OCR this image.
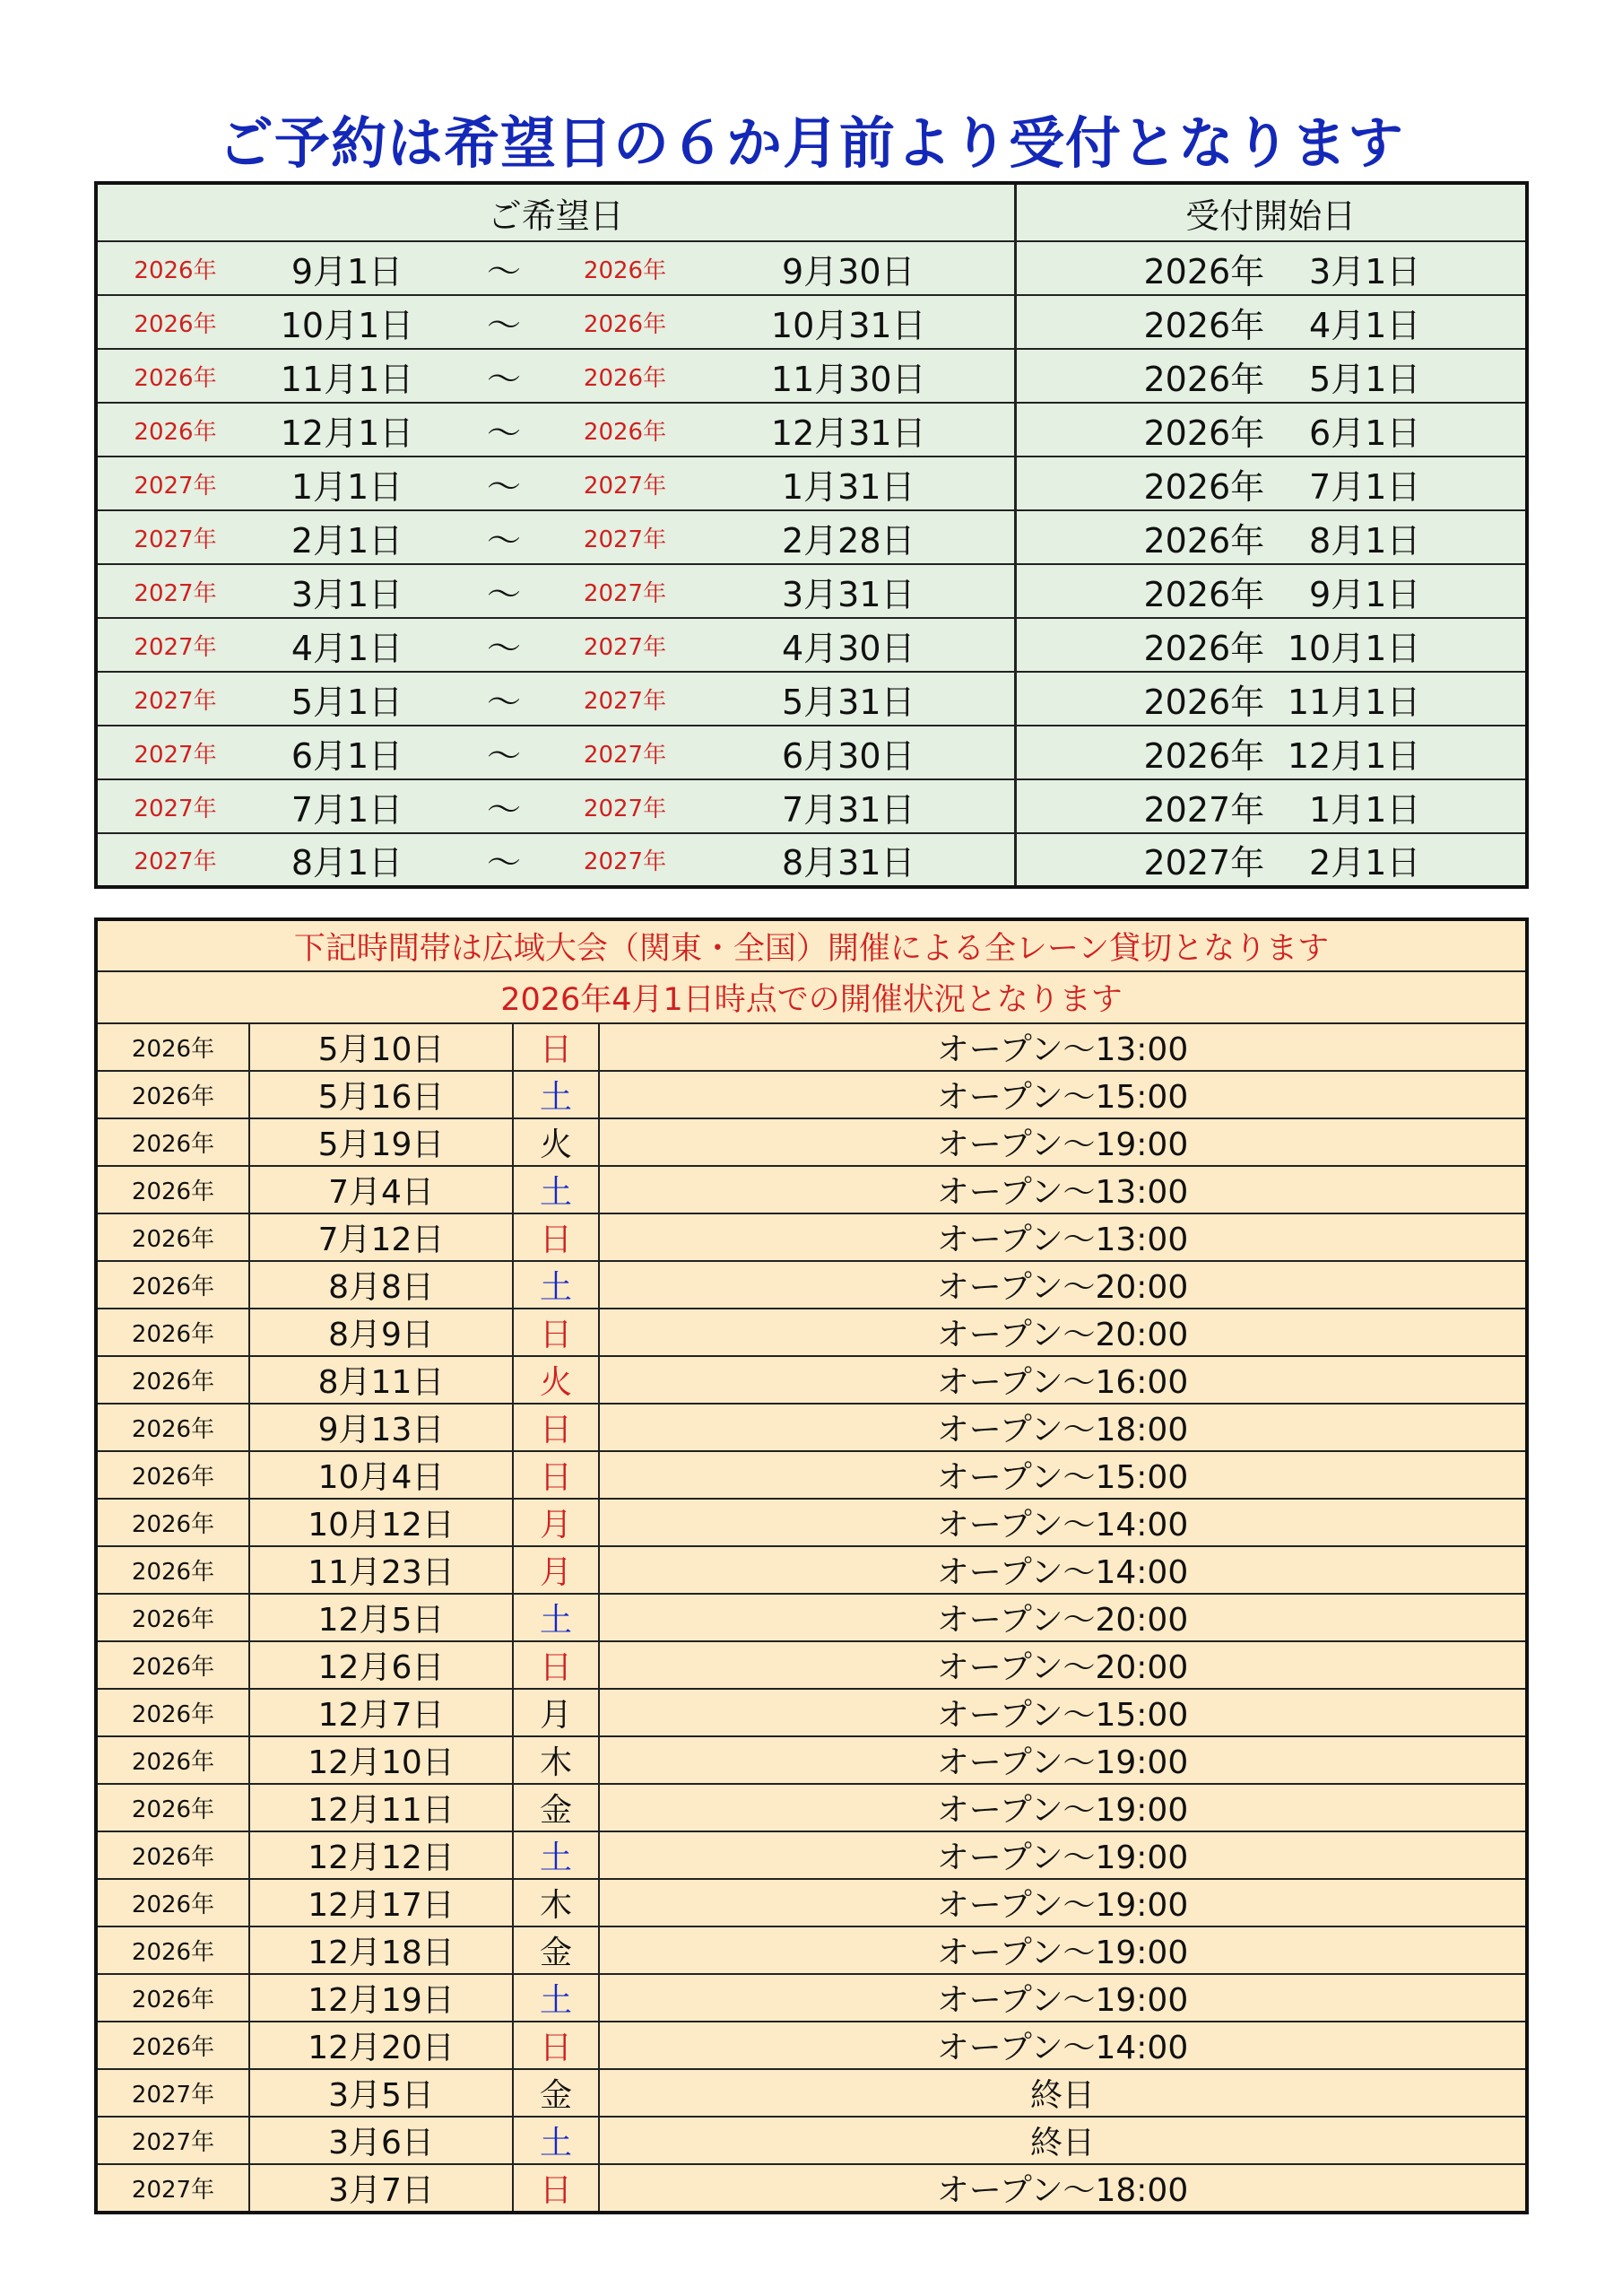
ご予約は希望日の６か月前より受付となります
ご希望日					受付開始日
2026年	9月1日	～	2026年	9月30日	2026年 3月1日
2026年	10月1日	～	2026年	10月31日	2026年 4月1日
2026年	11月1日	～	2026年	11月30日	2026年 5月1日
2026年	12月1日	～	2026年	12月31日	2026年 6月1日
2027年	1月1日	～	2027年	1月31日	2026年 7月1日
2027年	2月1日	～	2027年	2月28日	2026年 8月1日
2027年	3月1日	～	2027年	3月31日	2026年 9月1日
2027年	4月1日	～	2027年	4月30日	2026年 10月1日
2027年	5月1日	～	2027年	5月31日	2026年 11月1日
2027年	6月1日	～	2027年	6月30日	2026年 12月1日
2027年	7月1日	～	2027年	7月31日	2027年 1月1日
2027年	8月1日	～	2027年	8月31日	2027年 2月1日
下記時間帯は広域大会（関東・全国）開催による全レーン貸切となります			
2026年4月1日時点での開催状況となります			
2026年	5月10日	日	オープン～13:00
2026年	5月16日	土	オープン～15:00
2026年	5月19日	火	オープン～19:00
2026年	7月4日	土	オープン～13:00
2026年	7月12日	日	オープン～13:00
2026年	8月8日	土	オープン～20:00
2026年	8月9日	日	オープン～20:00
2026年	8月11日	火	オープン～16:00
2026年	9月13日	日	オープン～18:00
2026年	10月4日	日	オープン～15:00
2026年	10月12日	月	オープン～14:00
2026年	11月23日	月	オープン～14:00
2026年	12月5日	土	オープン～20:00
2026年	12月6日	日	オープン～20:00
2026年	12月7日	月	オープン～15:00
2026年	12月10日	木	オープン～19:00
2026年	12月11日	金	オープン～19:00
2026年	12月12日	土	オープン～19:00
2026年	12月17日	木	オープン～19:00
2026年	12月18日	金	オープン～19:00
2026年	12月19日	土	オープン～19:00
2026年	12月20日	日	オープン～14:00
2027年	3月5日	金	終日
2027年	3月6日	土	終日
2027年	3月7日	日	オープン～18:00
